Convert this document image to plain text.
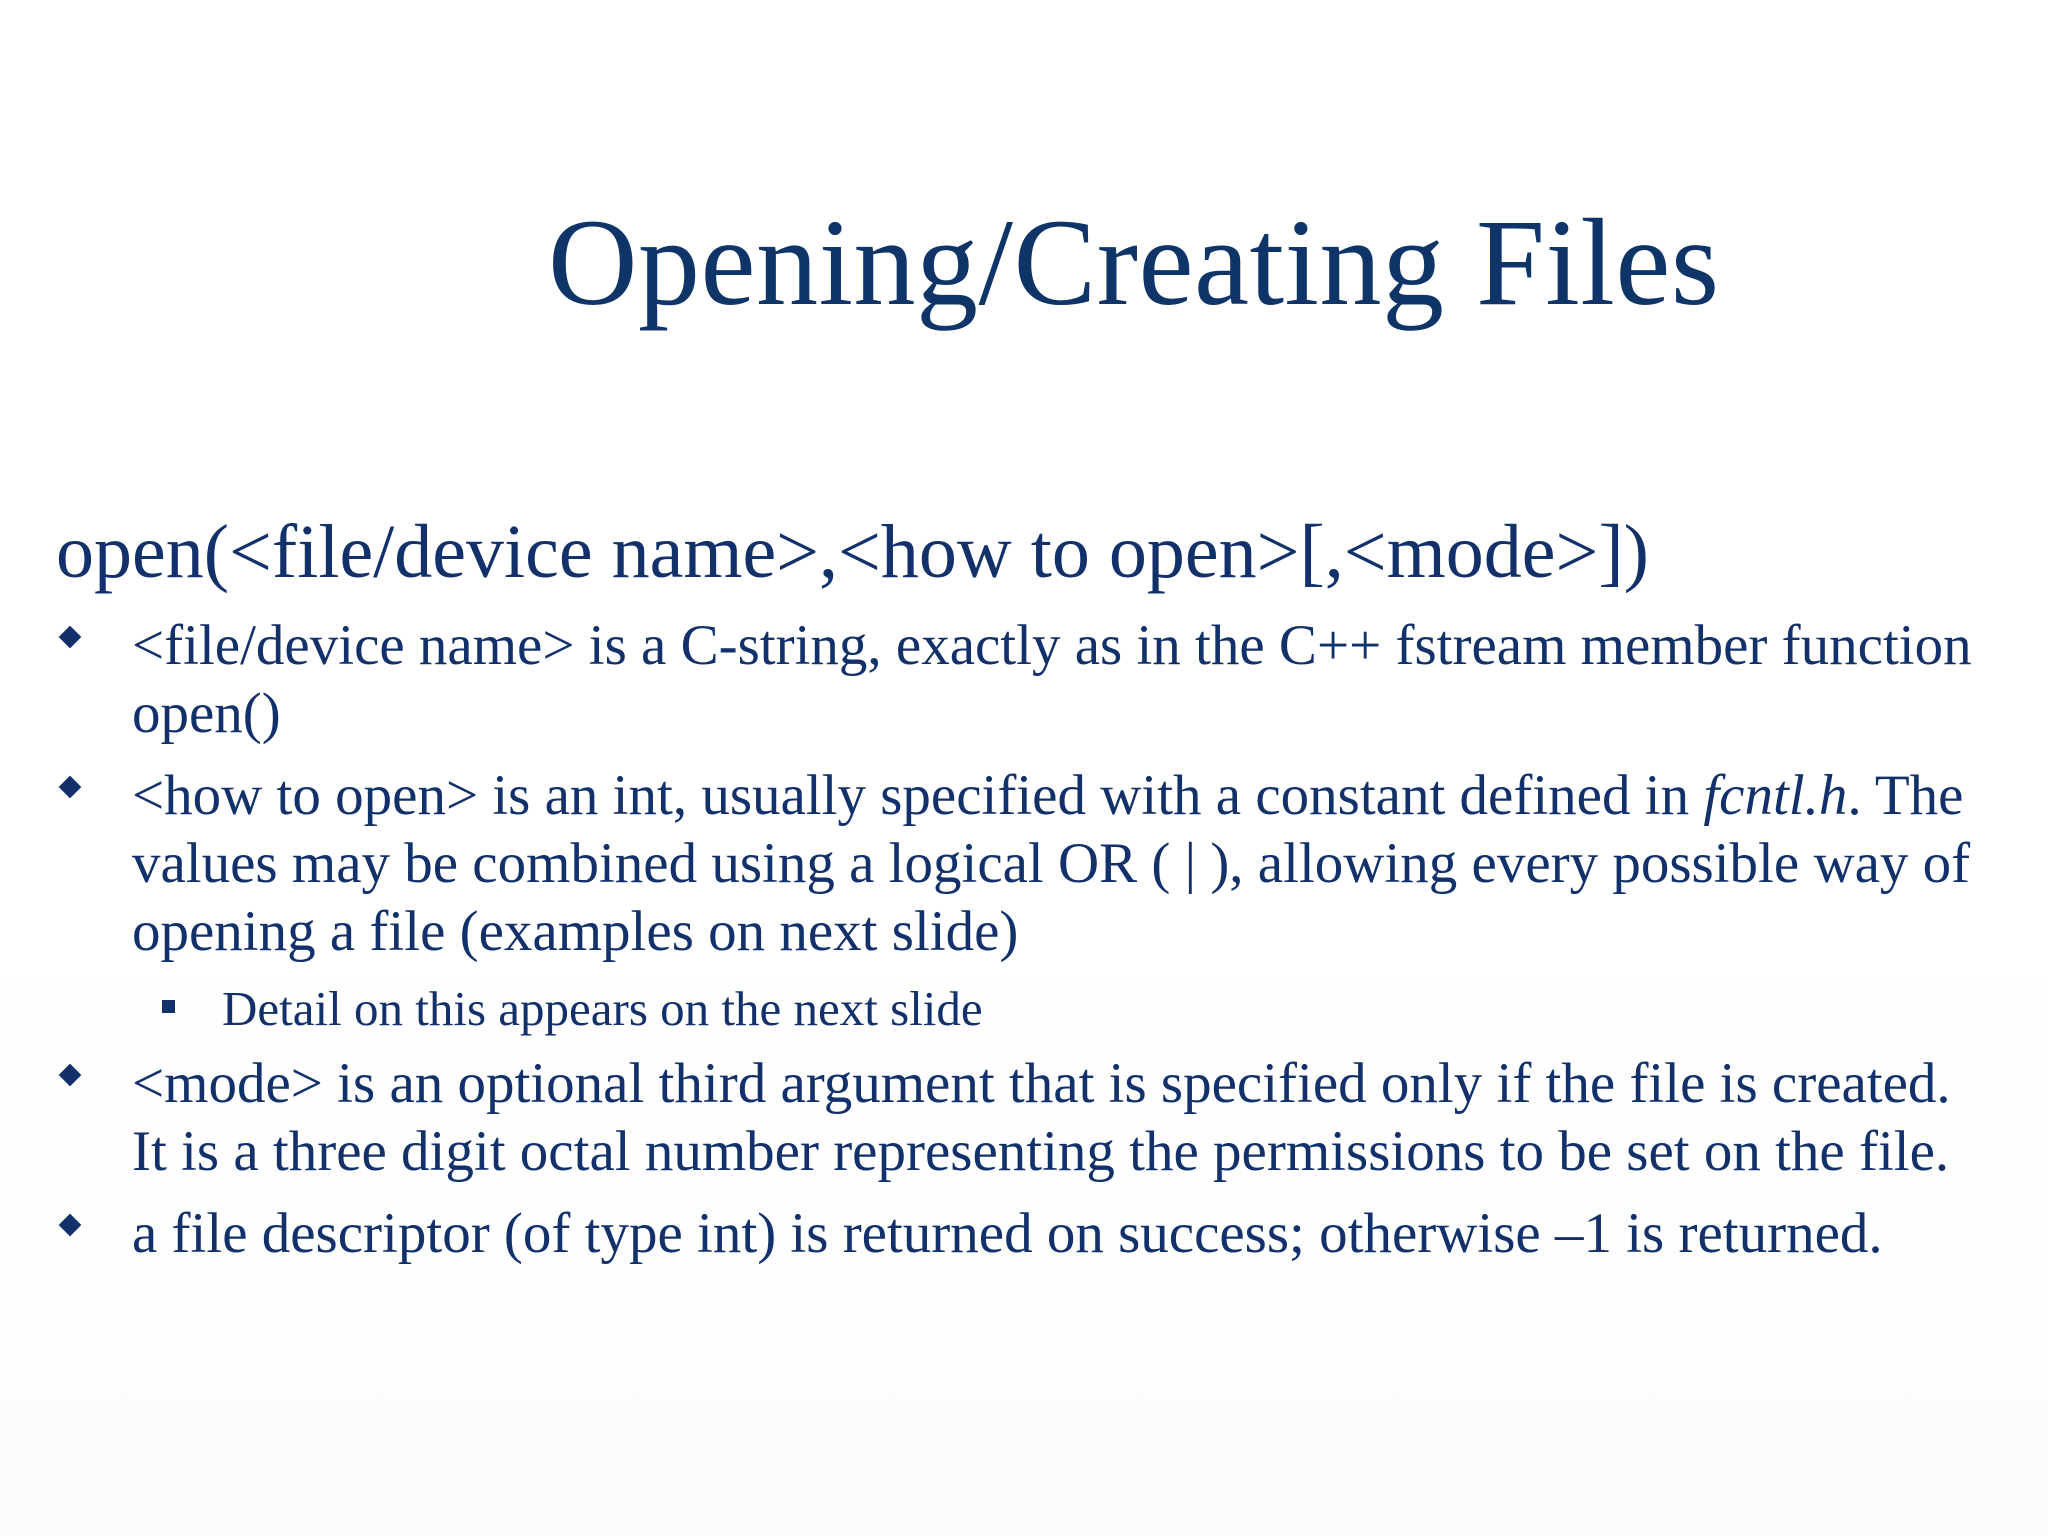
Opening/Creating Files
open(<file/device name>,<how to open>[,<mode>])
<file/device name> is a C-string, exactly as in the C++ fstream member function open()
<how to open> is an int, usually specified with a constant defined in fcntl.h. The values may be combined using a logical OR ( | ), allowing every possible way of opening a file (examples on next slide)
Detail on this appears on the next slide
<mode> is an optional third argument that is specified only if the file is created. It is a three digit octal number representing the permissions to be set on the file.
a file descriptor (of type int) is returned on success; otherwise –1 is returned.
